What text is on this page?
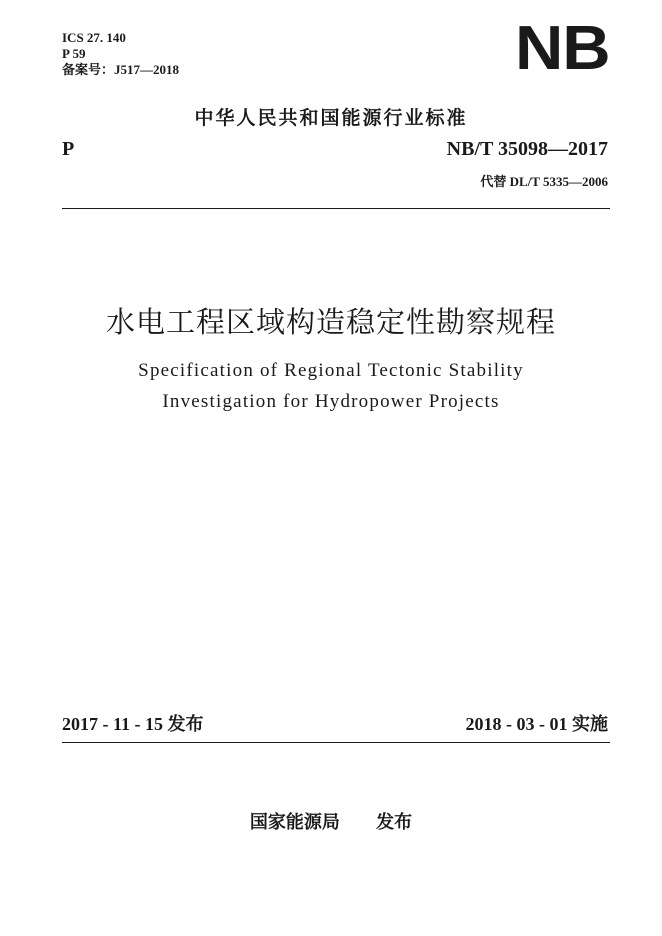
ICS 27. 140
P 59
备案号：J517—2018	NB
中华人民共和国能源行业标准
P	NB/T 35098—2017
代替 DL/T 5335—2006
水电工程区域构造稳定性勘察规程
Specification of Regional Tectonic Stability
Investigation for Hydropower Projects
2017 - 11 - 15 发布	2018 - 03 - 01 实施
国家能源局 发布
